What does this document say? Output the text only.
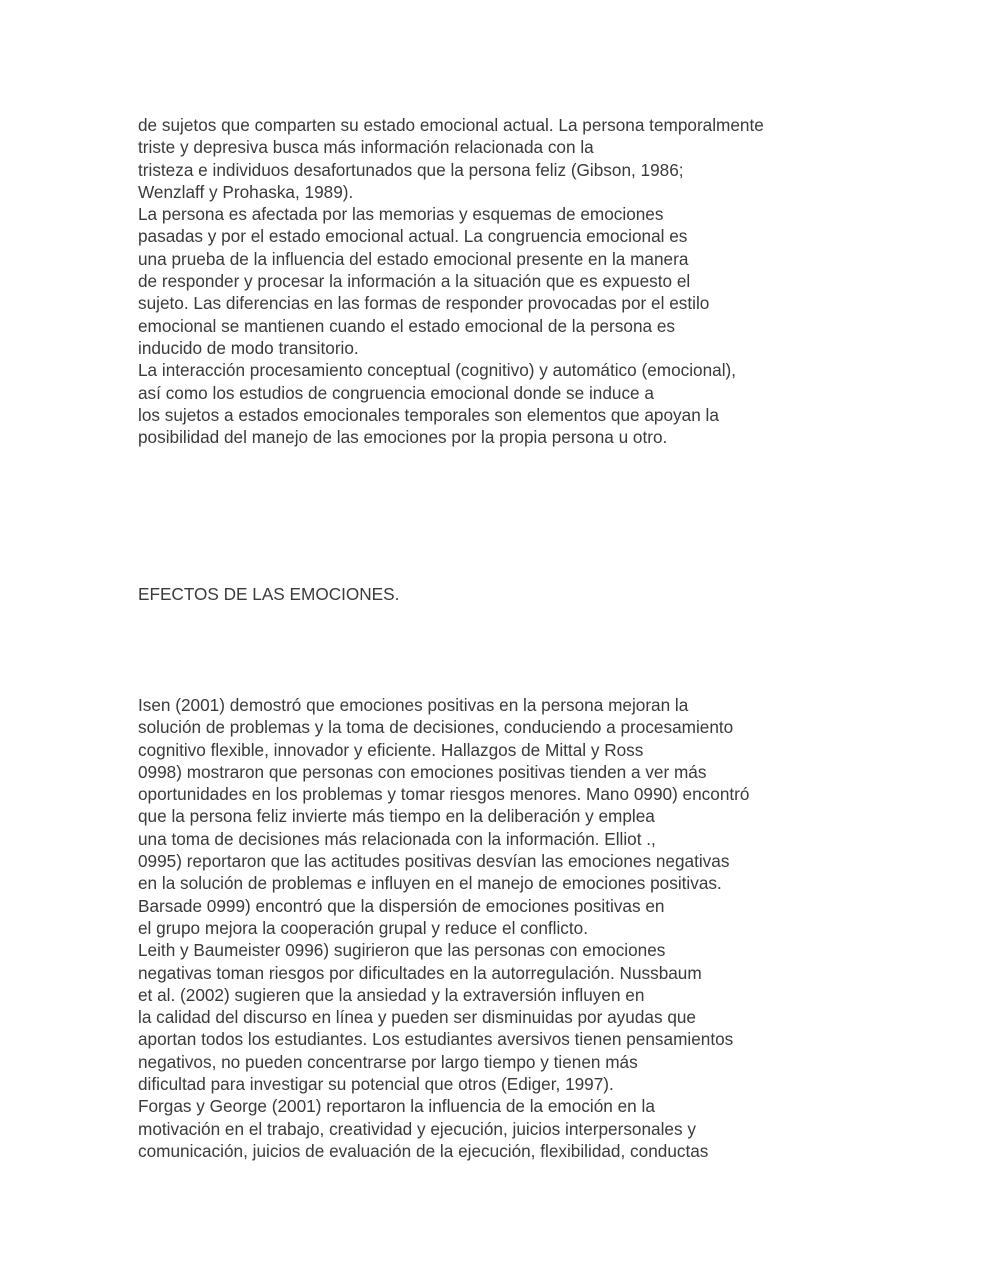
de sujetos que comparten su estado emocional actual. La persona temporalmente
triste y depresiva busca más información relacionada con la
tristeza e individuos desafortunados que la persona feliz (Gibson, 1986;
Wenzlaff y Prohaska, 1989).
La persona es afectada por las memorias y esquemas de emociones
pasadas y por el estado emocional actual. La congruencia emocional es
una prueba de la influencia del estado emocional presente en la manera
de responder y procesar la información a la situación que es expuesto el
sujeto. Las diferencias en las formas de responder provocadas por el estilo
emocional se mantienen cuando el estado emocional de la persona es
inducido de modo transitorio.
La interacción procesamiento conceptual (cognitivo) y automático (emocional),
así como los estudios de congruencia emocional donde se induce a
los sujetos a estados emocionales temporales son elementos que apoyan la
posibilidad del manejo de las emociones por la propia persona u otro.
EFECTOS DE LAS EMOCIONES.
Isen (2001) demostró que emociones positivas en la persona mejoran la
solución de problemas y la toma de decisiones, conduciendo a procesamiento
cognitivo flexible, innovador y eficiente. Hallazgos de Mittal y Ross
0998) mostraron que personas con emociones positivas tienden a ver más
oportunidades en los problemas y tomar riesgos menores. Mano 0990) encontró
que la persona feliz invierte más tiempo en la deliberación y emplea
una toma de decisiones más relacionada con la información. Elliot .,
0995) reportaron que las actitudes positivas desvían las emociones negativas
en la solución de problemas e influyen en el manejo de emociones positivas.
Barsade 0999) encontró que la dispersión de emociones positivas en
el grupo mejora la cooperación grupal y reduce el conflicto.
Leith y Baumeister 0996) sugirieron que las personas con emociones
negativas toman riesgos por dificultades en la autorregulación. Nussbaum
et al. (2002) sugieren que la ansiedad y la extraversión influyen en
la calidad del discurso en línea y pueden ser disminuidas por ayudas que
aportan todos los estudiantes. Los estudiantes aversivos tienen pensamientos
negativos, no pueden concentrarse por largo tiempo y tienen más
dificultad para investigar su potencial que otros (Ediger, 1997).
Forgas y George (2001) reportaron la influencia de la emoción en la
motivación en el trabajo, creatividad y ejecución, juicios interpersonales y
comunicación, juicios de evaluación de la ejecución, flexibilidad, conductas
